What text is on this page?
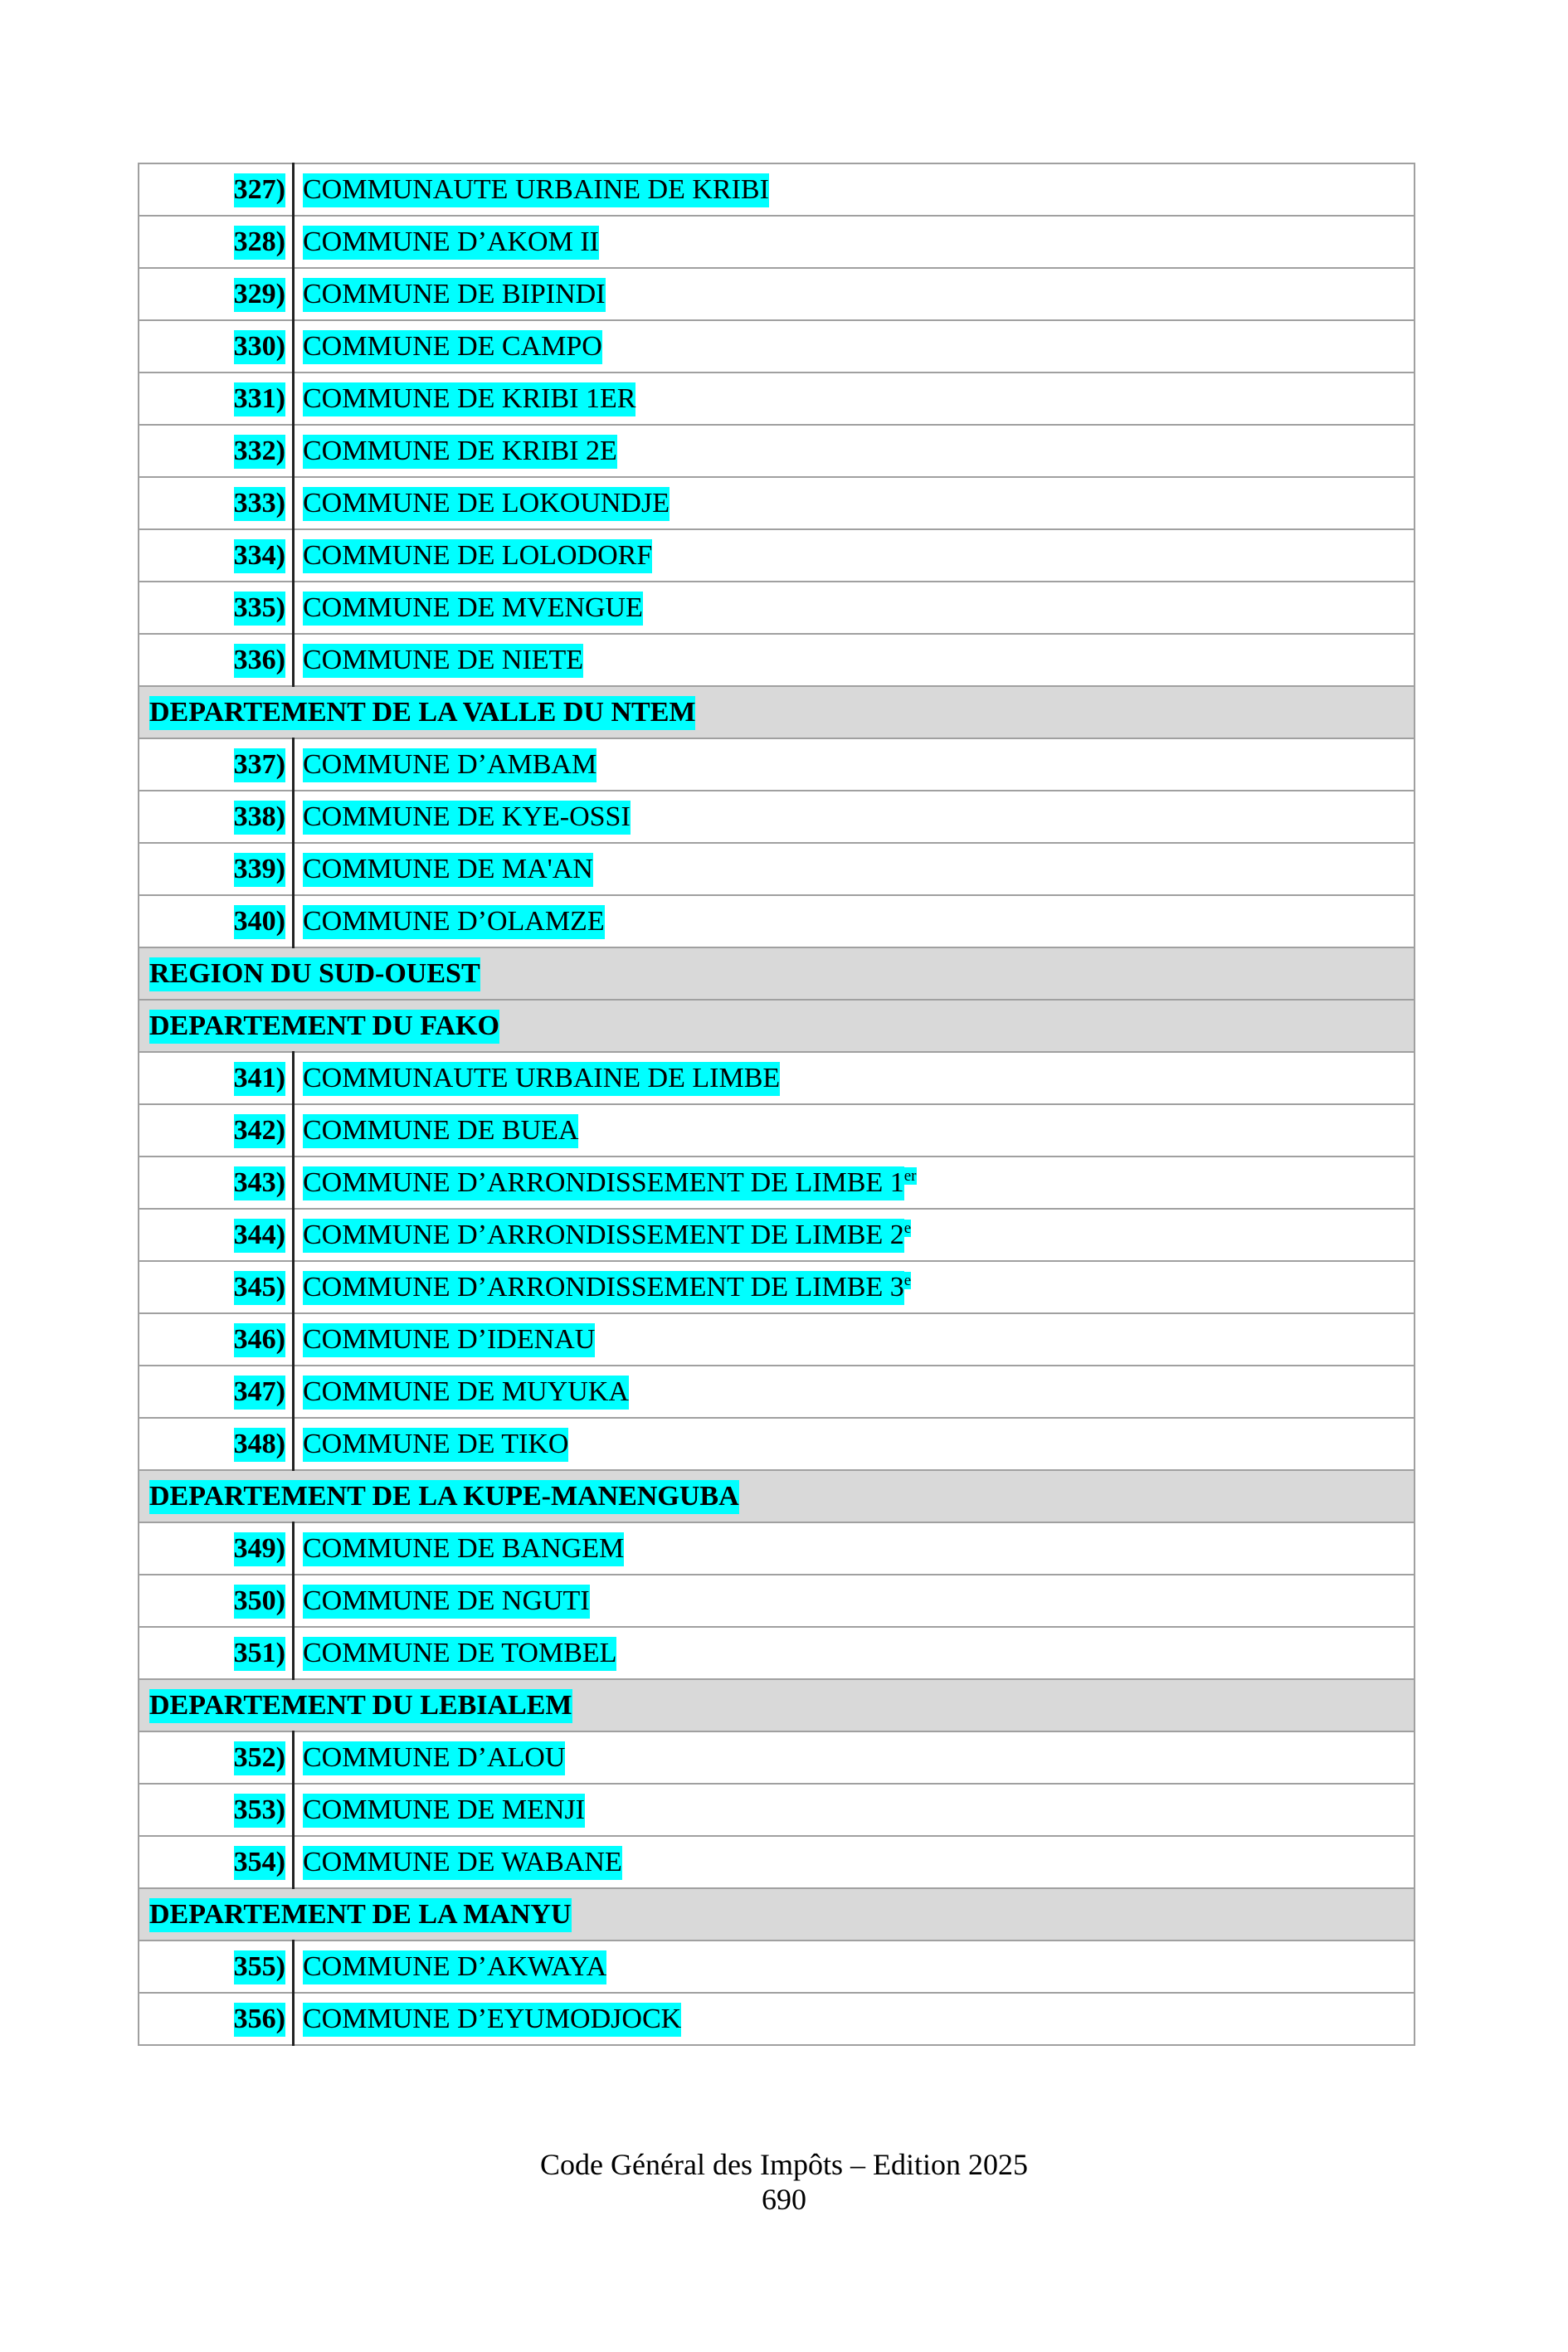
327)	COMMUNAUTE URBAINE DE KRIBI
328)	COMMUNE D’AKOM II
329)	COMMUNE DE BIPINDI
330)	COMMUNE DE CAMPO
331)	COMMUNE DE KRIBI 1ER
332)	COMMUNE DE KRIBI 2E
333)	COMMUNE DE LOKOUNDJE
334)	COMMUNE DE LOLODORF
335)	COMMUNE DE MVENGUE
336)	COMMUNE DE NIETE
DEPARTEMENT DE LA VALLE DU NTEM	
337)	COMMUNE D’AMBAM
338)	COMMUNE DE KYE-OSSI
339)	COMMUNE DE MA'AN
340)	COMMUNE D’OLAMZE
REGION DU SUD-OUEST	
DEPARTEMENT DU FAKO	
341)	COMMUNAUTE URBAINE DE LIMBE
342)	COMMUNE DE BUEA
343)	COMMUNE D’ARRONDISSEMENT DE LIMBE 1er
344)	COMMUNE D’ARRONDISSEMENT DE LIMBE 2e
345)	COMMUNE D’ARRONDISSEMENT DE LIMBE 3e
346)	COMMUNE D’IDENAU
347)	COMMUNE DE MUYUKA
348)	COMMUNE DE TIKO
DEPARTEMENT DE LA KUPE-MANENGUBA	
349)	COMMUNE DE BANGEM
350)	COMMUNE DE NGUTI
351)	COMMUNE DE TOMBEL
DEPARTEMENT DU LEBIALEM	
352)	COMMUNE D’ALOU
353)	COMMUNE DE MENJI
354)	COMMUNE DE WABANE
DEPARTEMENT DE LA MANYU	
355)	COMMUNE D’AKWAYA
356)	COMMUNE D’EYUMODJOCK
Code Général des Impôts – Edition 2025
690
